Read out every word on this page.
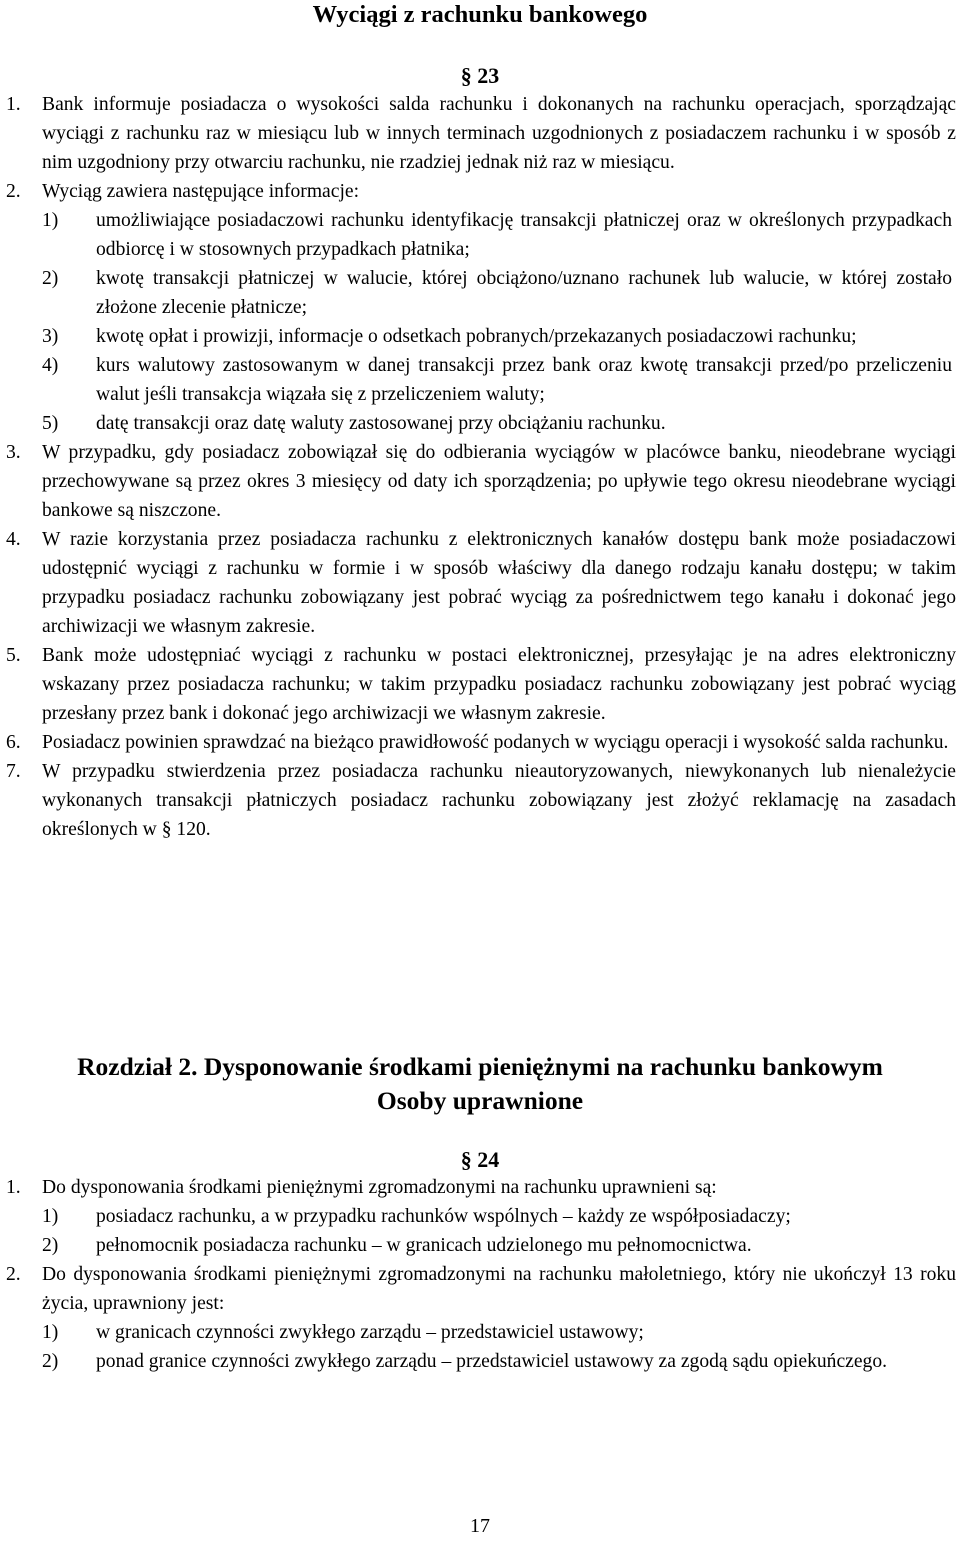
Wyciągi z rachunku bankowego
§ 23
1. Bank informuje posiadacza o wysokości salda rachunku i dokonanych na rachunku operacjach, sporządzając wyciągi z rachunku raz w miesiącu lub w innych terminach uzgodnionych z posiadaczem rachunku i w sposób z nim uzgodniony przy otwarciu rachunku, nie rzadziej jednak niż raz w miesiącu.
2. Wyciąg zawiera następujące informacje:
1) umożliwiające posiadaczowi rachunku identyfikację transakcji płatniczej oraz w określonych przypadkach odbiorcę i w stosownych przypadkach płatnika;
2) kwotę transakcji płatniczej w walucie, której obciążono/uznano rachunek lub walucie, w której zostało złożone zlecenie płatnicze;
3) kwotę opłat i prowizji, informacje o odsetkach pobranych/przekazanych posiadaczowi rachunku;
4) kurs walutowy zastosowanym w danej transakcji przez bank oraz kwotę transakcji przed/po przeliczeniu walut jeśli transakcja wiązała się z przeliczeniem waluty;
5) datę transakcji oraz datę waluty zastosowanej przy obciążaniu rachunku.
3. W przypadku, gdy posiadacz zobowiązał się do odbierania wyciągów w placówce banku, nieodebrane wyciągi przechowywane są przez okres 3 miesięcy od daty ich sporządzenia; po upływie tego okresu nieodebrane wyciągi bankowe są niszczone.
4. W razie korzystania przez posiadacza rachunku z elektronicznych kanałów dostępu bank może posiadaczowi udostępnić wyciągi z rachunku w formie i w sposób właściwy dla danego rodzaju kanału dostępu; w takim przypadku posiadacz rachunku zobowiązany jest pobrać wyciąg za pośrednictwem tego kanału i dokonać jego archiwizacji we własnym zakresie.
5. Bank może udostępniać wyciągi z rachunku w postaci elektronicznej, przesyłając je na adres elektroniczny wskazany przez posiadacza rachunku; w takim przypadku posiadacz rachunku zobowiązany jest pobrać wyciąg przesłany przez bank i dokonać jego archiwizacji we własnym zakresie.
6. Posiadacz powinien sprawdzać na bieżąco prawidłowość podanych w wyciągu operacji i wysokość salda rachunku.
7. W przypadku stwierdzenia przez posiadacza rachunku nieautoryzowanych, niewykonanych lub nienależycie wykonanych transakcji płatniczych posiadacz rachunku zobowiązany jest złożyć reklamację na zasadach określonych w § 120.
Rozdział 2. Dysponowanie środkami pieniężnymi na rachunku bankowym
Osoby uprawnione
§ 24
1. Do dysponowania środkami pieniężnymi zgromadzonymi na rachunku uprawnieni są:
1) posiadacz rachunku, a w przypadku rachunków wspólnych – każdy ze współposiadaczy;
2) pełnomocnik posiadacza rachunku – w granicach udzielonego mu pełnomocnictwa.
2. Do dysponowania środkami pieniężnymi zgromadzonymi na rachunku małoletniego, który nie ukończył 13 roku życia, uprawniony jest:
1) w granicach czynności zwykłego zarządu – przedstawiciel ustawowy;
2) ponad granice czynności zwykłego zarządu – przedstawiciel ustawowy za zgodą sądu opiekuńczego.
17
